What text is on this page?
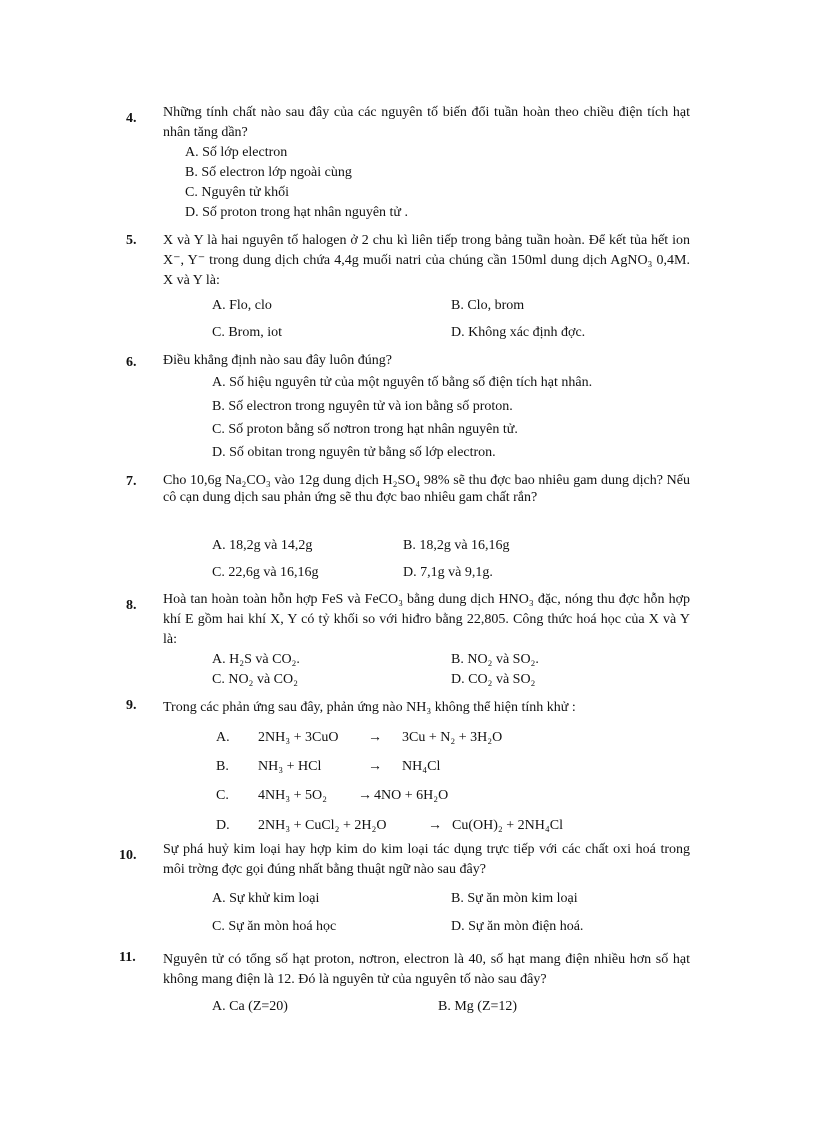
4. Những tính chất nào sau đây của các nguyên tố biến đổi tuần hoàn theo chiều điện tích hạt nhân tăng dần?
A. Số lớp electron
B. Số electron lớp ngoài cùng
C. Nguyên tử khối
D. Số proton trong hạt nhân nguyên tử .
5. X và Y là hai nguyên tố halogen ở 2 chu kì liên tiếp trong bảng tuần hoàn. Để kết tủa hết ion X⁻, Y⁻ trong dung dịch chứa 4,4g muối natri của chúng cần 150ml dung dịch AgNO₃ 0,4M. X và Y là:
A. Flo, clo	B. Clo, brom
C. Brom, iot	D. Không xác định đợc.
6. Điều khẳng định nào sau đây luôn đúng?
A. Số hiệu nguyên tử của một nguyên tố bằng số điện tích hạt nhân.
B. Số electron trong nguyên tử và ion bằng số proton.
C. Số proton bằng số nơtron trong hạt nhân nguyên tử.
D. Số obitan trong nguyên tử bằng số lớp electron.
7. Cho 10,6g Na₂CO₃ vào 12g dung dịch H₂SO₄ 98% sẽ thu đợc bao nhiêu gam dung dịch? Nếu cô cạn dung dịch sau phản ứng sẽ thu đợc bao nhiêu gam chất rắn?
A. 18,2g và 14,2g	B. 18,2g và 16,16g
C. 22,6g và 16,16g	D. 7,1g và 9,1g.
8. Hoà tan hoàn toàn hỗn hợp FeS và FeCO₃ bằng dung dịch HNO₃ đặc, nóng thu đợc hỗn hợp khí E gồm hai khí X, Y có tỷ khối so với hiđro bằng 22,805. Công thức hoá học của X và Y là:
A. H₂S và CO₂.	B. NO₂ và SO₂.
C. NO₂ và CO₂	D. CO₂ và SO₂
9. Trong các phản ứng sau đây, phản ứng nào NH₃ không thể hiện tính khử :
A. 2NH₃ + 3CuO → 3Cu + N₂ + 3H₂O
B. NH₃ + HCl	→ NH₄Cl
C. 4NH₃ + 5O₂ → 4NO + 6H₂O
D. 2NH₃ + CuCl₂ + 2H₂O	→ Cu(OH)₂ + 2NH₄Cl
10. Sự phá huỷ kim loại hay hợp kim do kim loại tác dụng trực tiếp với các chất oxi hoá trong môi trờng đợc gọi đúng nhất bằng thuật ngữ nào sau đây?
A. Sự khử kim loại	B. Sự ăn mòn kim loại
C. Sự ăn mòn hoá học	D. Sự ăn mòn điện hoá.
11. Nguyên tử có tổng số hạt proton, nơtron, electron là 40, số hạt mang điện nhiều hơn số hạt không mang điện là 12. Đó là nguyên tử của nguyên tố nào sau đây?
A. Ca (Z=20)	B. Mg (Z=12)
